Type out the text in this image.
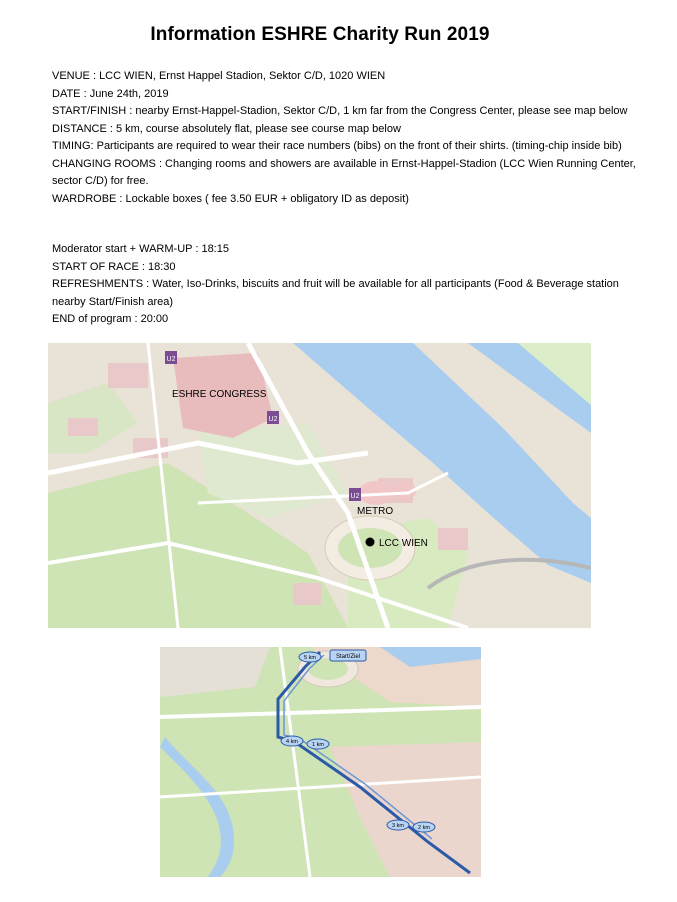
Information ESHRE Charity Run 2019

VENUE : LCC WIEN, Ernst Happel Stadion, Sektor C/D, 1020 WIEN

DATE : June 24th, 2019

START/FINISH : nearby Ernst-Happel-Stadion, Sektor C/D, 1 km far from the Congress Center, please see map below

DISTANCE : 5 km, course absolutely flat, please see course map below

TIMING: Participants are required to wear their race numbers (bibs) on the front of their shirts. (timing-chip inside bib)

CHANGING ROOMS : Changing rooms and showers are available in Ernst-Happel-Stadion (LCC Wien Running Center, sector C/D) for free.

WARDROBE : Lockable boxes ( fee 3.50 EUR + obligatory ID as deposit)

Moderator start + WARM-UP : 18:15

START OF RACE : 18:30

REFRESHMENTS : Water, Iso-Drinks, biscuits and fruit will be available for all participants (Food & Beverage station nearby Start/Finish area)

END of program : 20:00

U2
U2
U2
ESHRE CONGRESS
METRO
LCC WIEN
Start/Ziel
5 km
4 km	1 km
3 km	2 km
